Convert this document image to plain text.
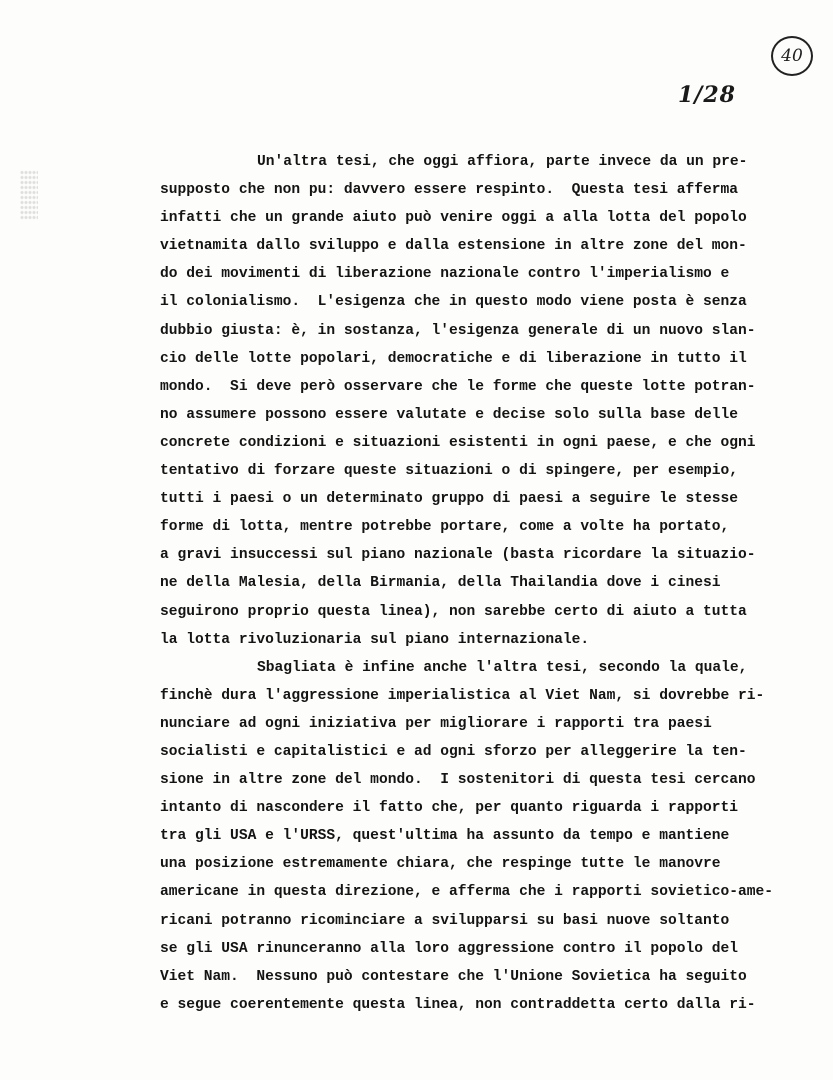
40
1/28
Un'altra tesi, che oggi affiora, parte invece da un pre-
supposto che non pu: davvero essere respinto.  Questa tesi afferma
infatti che un grande aiuto può venire oggi a alla lotta del popolo
vietnamita dallo sviluppo e dalla estensione in altre zone del mon-
do dei movimenti di liberazione nazionale contro l'imperialismo e
il colonialismo.  L'esigenza che in questo modo viene posta è senza
dubbio giusta: è, in sostanza, l'esigenza generale di un nuovo slan-
cio delle lotte popolari, democratiche e di liberazione in tutto il
mondo.  Si deve però osservare che le forme che queste lotte potran-
no assumere possono essere valutate e decise solo sulla base delle
concrete condizioni e situazioni esistenti in ogni paese, e che ogni
tentativo di forzare queste situazioni o di spingere, per esempio,
tutti i paesi o un determinato gruppo di paesi a seguire le stesse
forme di lotta, mentre potrebbe portare, come a volte ha portato,
a gravi insuccessi sul piano nazionale (basta ricordare la situazio-
ne della Malesia, della Birmania, della Thailandia dove i cinesi
seguirono proprio questa linea), non sarebbe certo di aiuto a tutta
la lotta rivoluzionaria sul piano internazionale.
Sbagliata è infine anche l'altra tesi, secondo la quale,
finchè dura l'aggressione imperialistica al Viet Nam, si dovrebbe ri-
nunciare ad ogni iniziativa per migliorare i rapporti tra paesi
socialisti e capitalistici e ad ogni sforzo per alleggerire la ten-
sione in altre zone del mondo.  I sostenitori di questa tesi cercano
intanto di nascondere il fatto che, per quanto riguarda i rapporti
tra gli USA e l'URSS, quest'ultima ha assunto da tempo e mantiene
una posizione estremamente chiara, che respinge tutte le manovre
americane in questa direzione, e afferma che i rapporti sovietico-ame-
ricani potranno ricominciare a svilupparsi su basi nuove soltanto
se gli USA rinunceranno alla loro aggressione contro il popolo del
Viet Nam.  Nessuno può contestare che l'Unione Sovietica ha seguito
e segue coerentemente questa linea, non contraddetta certo dalla ri-
